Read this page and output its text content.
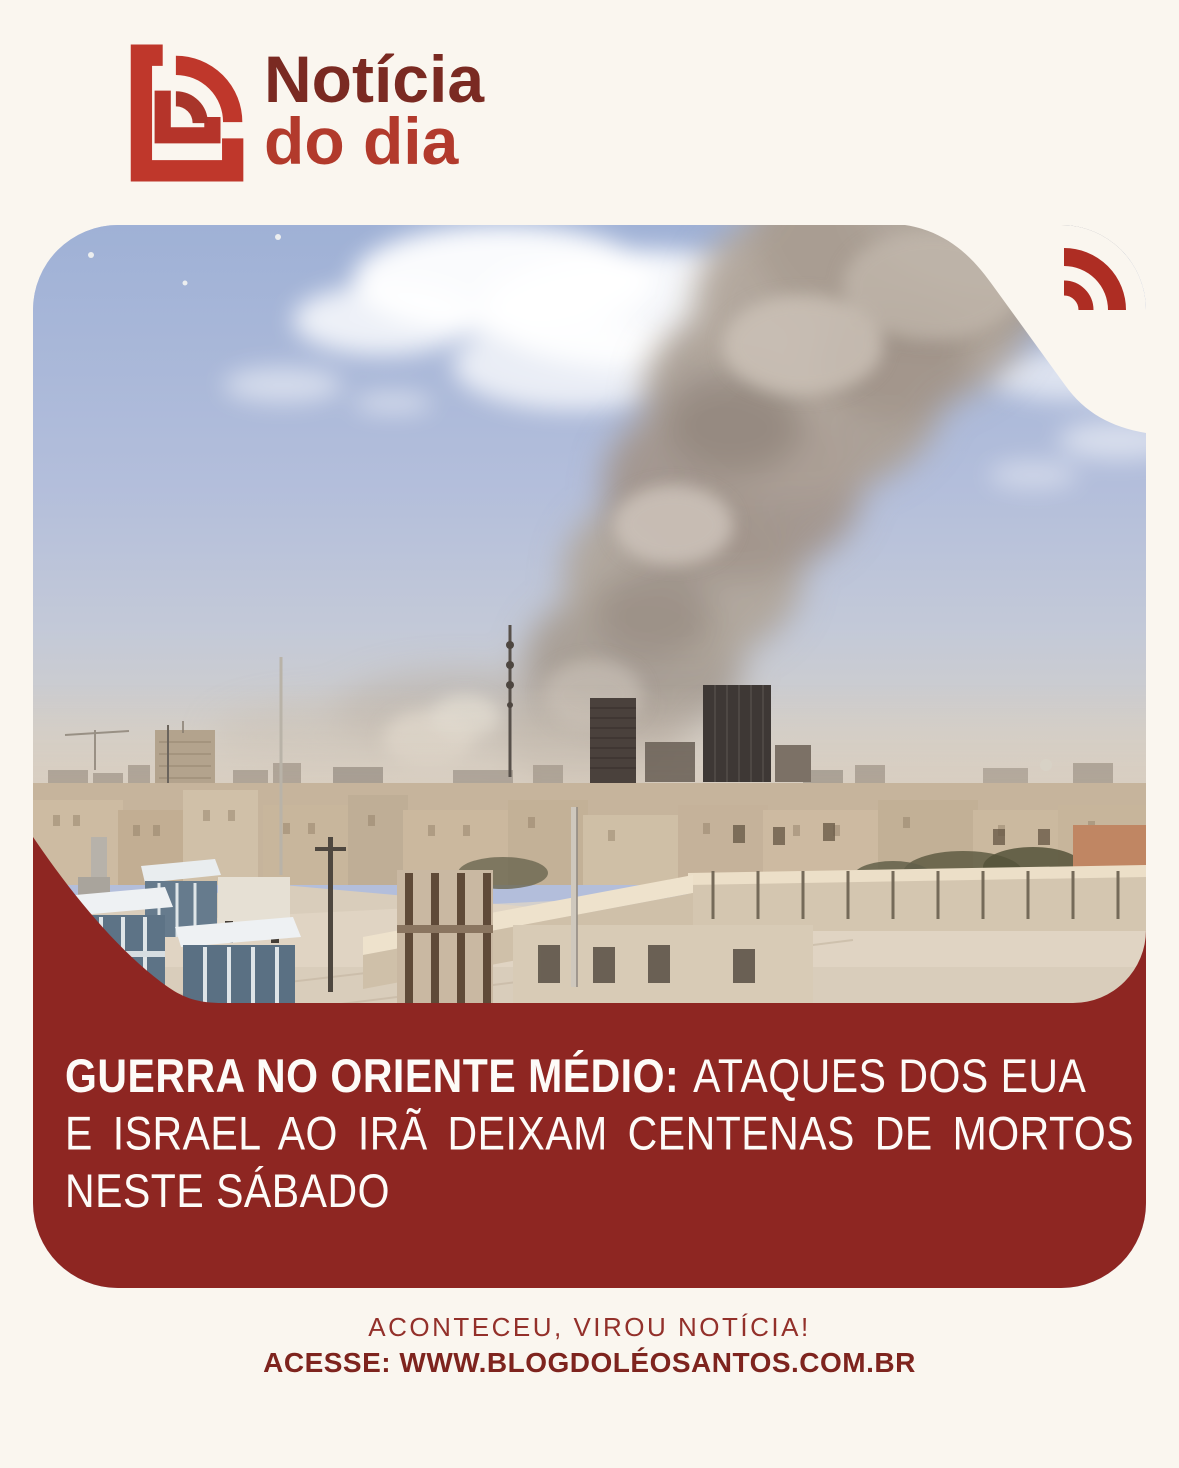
Notícia
do dia
GUERRA NO ORIENTE MÉDIO: ATAQUES DOS EUA
E ISRAEL AO IRÃ DEIXAM CENTENAS DE MORTOS
NESTE SÁBADO
ACONTECEU, VIROU NOTÍCIA!
ACESSE: WWW.BLOGDOLÉOSANTOS.COM.BR
